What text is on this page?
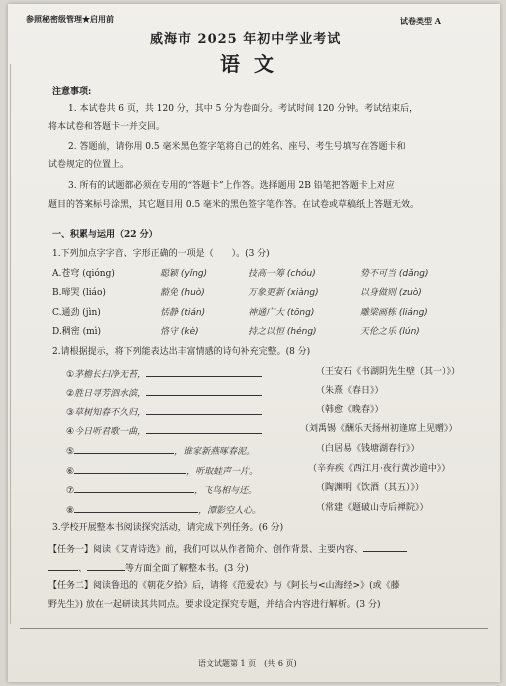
参照秘密级管理★启用前	试卷类型 A
威海市 2025 年初中学业考试
语文
注意事项:
1. 本试卷共 6 页，共 120 分，其中 5 分为卷面分。考试时间 120 分钟。考试结束后，
将本试卷和答题卡一并交回。
2. 答题前，请你用 0.5 毫米黑色签字笔将自己的姓名、座号、考生号填写在答题卡和
试卷规定的位置上。
3. 所有的试题都必须在专用的“答题卡”上作答。选择题用 2B 铅笔把答题卡上对应
题目的答案标号涂黑，其它题目用 0.5 毫米的黑色签字笔作答。在试卷或草稿纸上答题无效。
一、积累与运用（22 分）
1.下列加点字字音、字形正确的一项是（　　）。(3 分)
A.苍穹 (qióng)	聪颖 (yǐng)	技高一筹 (chóu)	势不可当 (dǎng)
B.啼哭 (liáo)	豁免 (huò)	万象更新 (xiàng)	以身做则 (zuò)
C.通劲 (jìn)	恬静 (tián)	神通广大 (tōng)	雕梁画栋 (liáng)
D.稠密 (mì)	恪守 (kè)	持之以恒 (héng)	天伦之乐 (lún)
2.请根据提示，将下列能表达出丰富情感的诗句补充完整。(8 分)
①茅檐长扫净无苔，	（王安石《书湖阴先生壁（其一）》）
②胜日寻芳泗水滨，	（朱熹《春日》）
③草树知春不久归，	（韩愈《晚春》）
④今日听君歌一曲，	（刘禹锡《酬乐天扬州初逢席上见赠》）
⑤	，谁家新燕啄春泥。	（白居易《钱塘湖春行》）
⑥	，听取蛙声一片。	（辛弃疾《西江月·夜行黄沙道中》）
⑦	，飞鸟相与还。	（陶渊明《饮酒（其五）》）
⑧	，潭影空人心。	（常建《题破山寺后禅院》）
3.学校开展整本书阅读探究活动，请完成下列任务。(6 分)
【任务一】阅读《艾青诗选》前，我们可以从作者简介、创作背景、主要内容、
、	等方面全面了解整本书。(3 分)
【任务二】阅读鲁迅的《朝花夕拾》后，请将《范爱农》与《阿长与<山海经>》(或《藤
野先生》) 放在一起研读其共同点。要求设定探究专题，并结合内容进行解析。(3 分)
语文试题第 1 页　(共 6 页)
